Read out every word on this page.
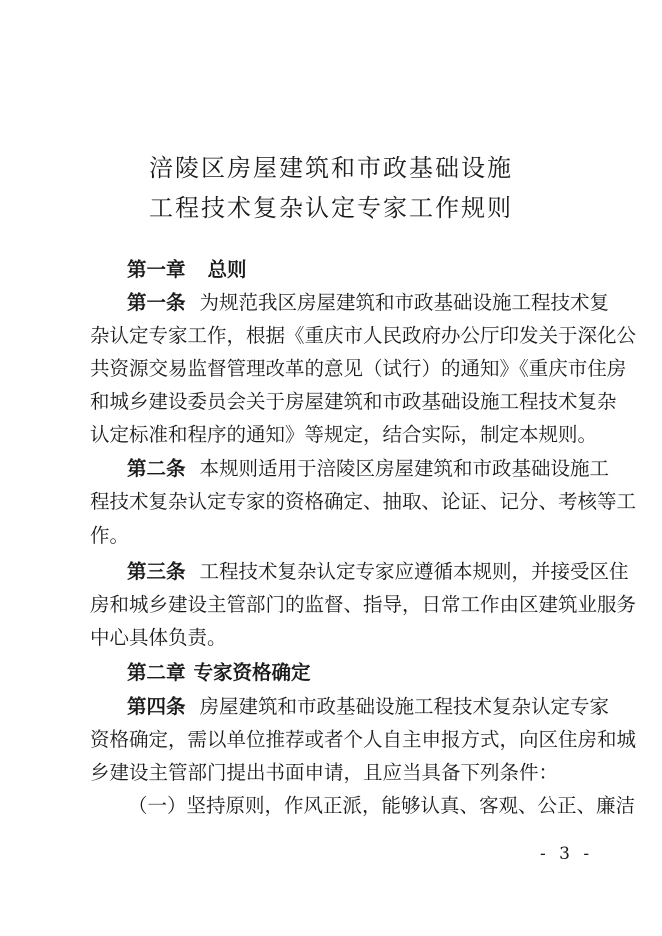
涪陵区房屋建筑和市政基础设施
工程技术复杂认定专家工作规则
第一章 总则
第一条 为规范我区房屋建筑和市政基础设施工程技术复
杂认定专家工作，根据《重庆市人民政府办公厅印发关于深化公
共资源交易监督管理改革的意见（试行）的通知》《重庆市住房
和城乡建设委员会关于房屋建筑和市政基础设施工程技术复杂
认定标准和程序的通知》等规定，结合实际，制定本规则。
第二条 本规则适用于涪陵区房屋建筑和市政基础设施工
程技术复杂认定专家的资格确定、抽取、论证、记分、考核等工
作。
第三条 工程技术复杂认定专家应遵循本规则，并接受区住
房和城乡建设主管部门的监督、指导，日常工作由区建筑业服务
中心具体负责。
第二章 专家资格确定
第四条 房屋建筑和市政基础设施工程技术复杂认定专家
资格确定，需以单位推荐或者个人自主申报方式，向区住房和城
乡建设主管部门提出书面申请，且应当具备下列条件：
（一）坚持原则，作风正派，能够认真、客观、公正、廉洁
- 3 -
